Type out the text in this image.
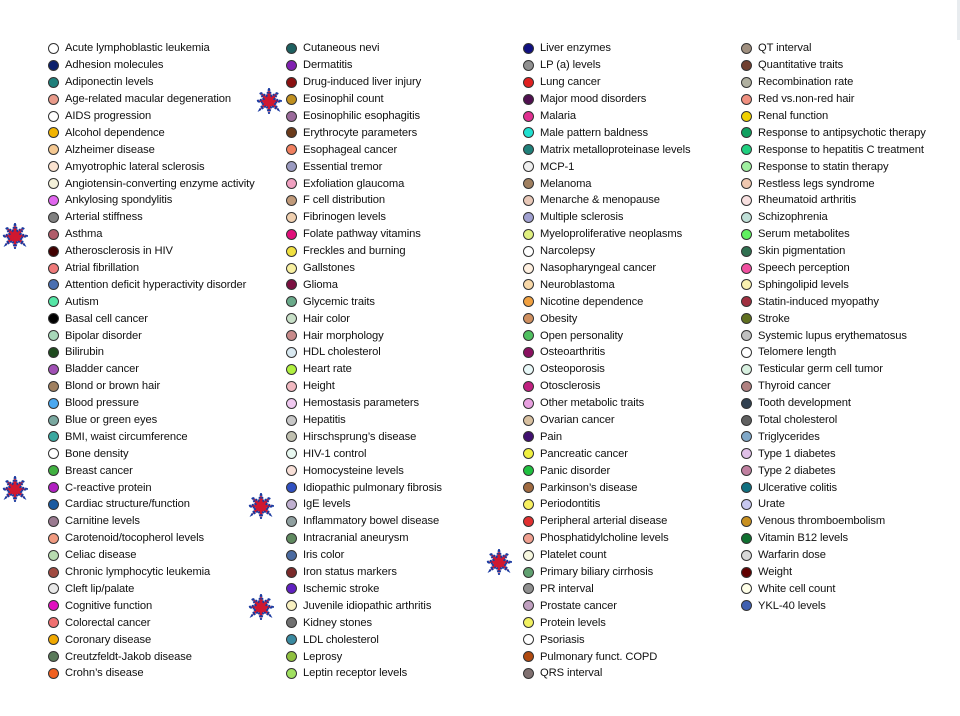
Acute lymphoblastic leukemia
Adhesion molecules
Adiponectin levels
Age-related macular degeneration
AIDS progression
Alcohol dependence
Alzheimer disease
Amyotrophic lateral sclerosis
Angiotensin-converting enzyme activity
Ankylosing spondylitis
Arterial stiffness
Asthma
Atherosclerosis in HIV
Atrial fibrillation
Attention deficit hyperactivity disorder
Autism
Basal cell cancer
Bipolar disorder
Bilirubin
Bladder cancer
Blond or brown hair
Blood pressure
Blue or green eyes
BMI, waist circumference
Bone density
Breast cancer
C-reactive protein
Cardiac structure/function
Carnitine levels
Carotenoid/tocopherol levels
Celiac disease
Chronic lymphocytic leukemia
Cleft lip/palate
Cognitive function
Colorectal cancer
Coronary disease
Creutzfeldt-Jakob disease
Crohn’s disease
Cutaneous nevi
Dermatitis
Drug-induced liver injury
Eosinophil count
Eosinophilic esophagitis
Erythrocyte parameters
Esophageal cancer
Essential tremor
Exfoliation glaucoma
F cell distribution
Fibrinogen levels
Folate pathway vitamins
Freckles and burning
Gallstones
Glioma
Glycemic traits
Hair color
Hair morphology
HDL cholesterol
Heart rate
Height
Hemostasis parameters
Hepatitis
Hirschsprung’s disease
HIV-1 control
Homocysteine levels
Idiopathic pulmonary fibrosis
IgE levels
Inflammatory bowel disease
Intracranial aneurysm
Iris color
Iron status markers
Ischemic stroke
Juvenile idiopathic arthritis
Kidney stones
LDL cholesterol
Leprosy
Leptin receptor levels
Liver enzymes
LP (a) levels
Lung cancer
Major mood disorders
Malaria
Male pattern baldness
Matrix metalloproteinase levels
MCP-1
Melanoma
Menarche & menopause
Multiple sclerosis
Myeloproliferative neoplasms
Narcolepsy
Nasopharyngeal cancer
Neuroblastoma
Nicotine dependence
Obesity
Open personality
Osteoarthritis
Osteoporosis
Otosclerosis
Other metabolic traits
Ovarian cancer
Pain
Pancreatic cancer
Panic disorder
Parkinson’s disease
Periodontitis
Peripheral arterial disease
Phosphatidylcholine levels
Platelet count
Primary biliary cirrhosis
PR interval
Prostate cancer
Protein levels
Psoriasis
Pulmonary funct. COPD
QRS interval
QT interval
Quantitative traits
Recombination rate
Red vs.non-red hair
Renal function
Response to antipsychotic therapy
Response to hepatitis C treatment
Response to statin therapy
Restless legs syndrome
Rheumatoid arthritis
Schizophrenia
Serum metabolites
Skin pigmentation
Speech perception
Sphingolipid levels
Statin-induced myopathy
Stroke
Systemic lupus erythematosus
Telomere length
Testicular germ cell tumor
Thyroid cancer
Tooth development
Total cholesterol
Triglycerides
Type 1 diabetes
Type 2 diabetes
Ulcerative colitis
Urate
Venous thromboembolism
Vitamin B12 levels
Warfarin dose
Weight
White cell count
YKL-40 levels
